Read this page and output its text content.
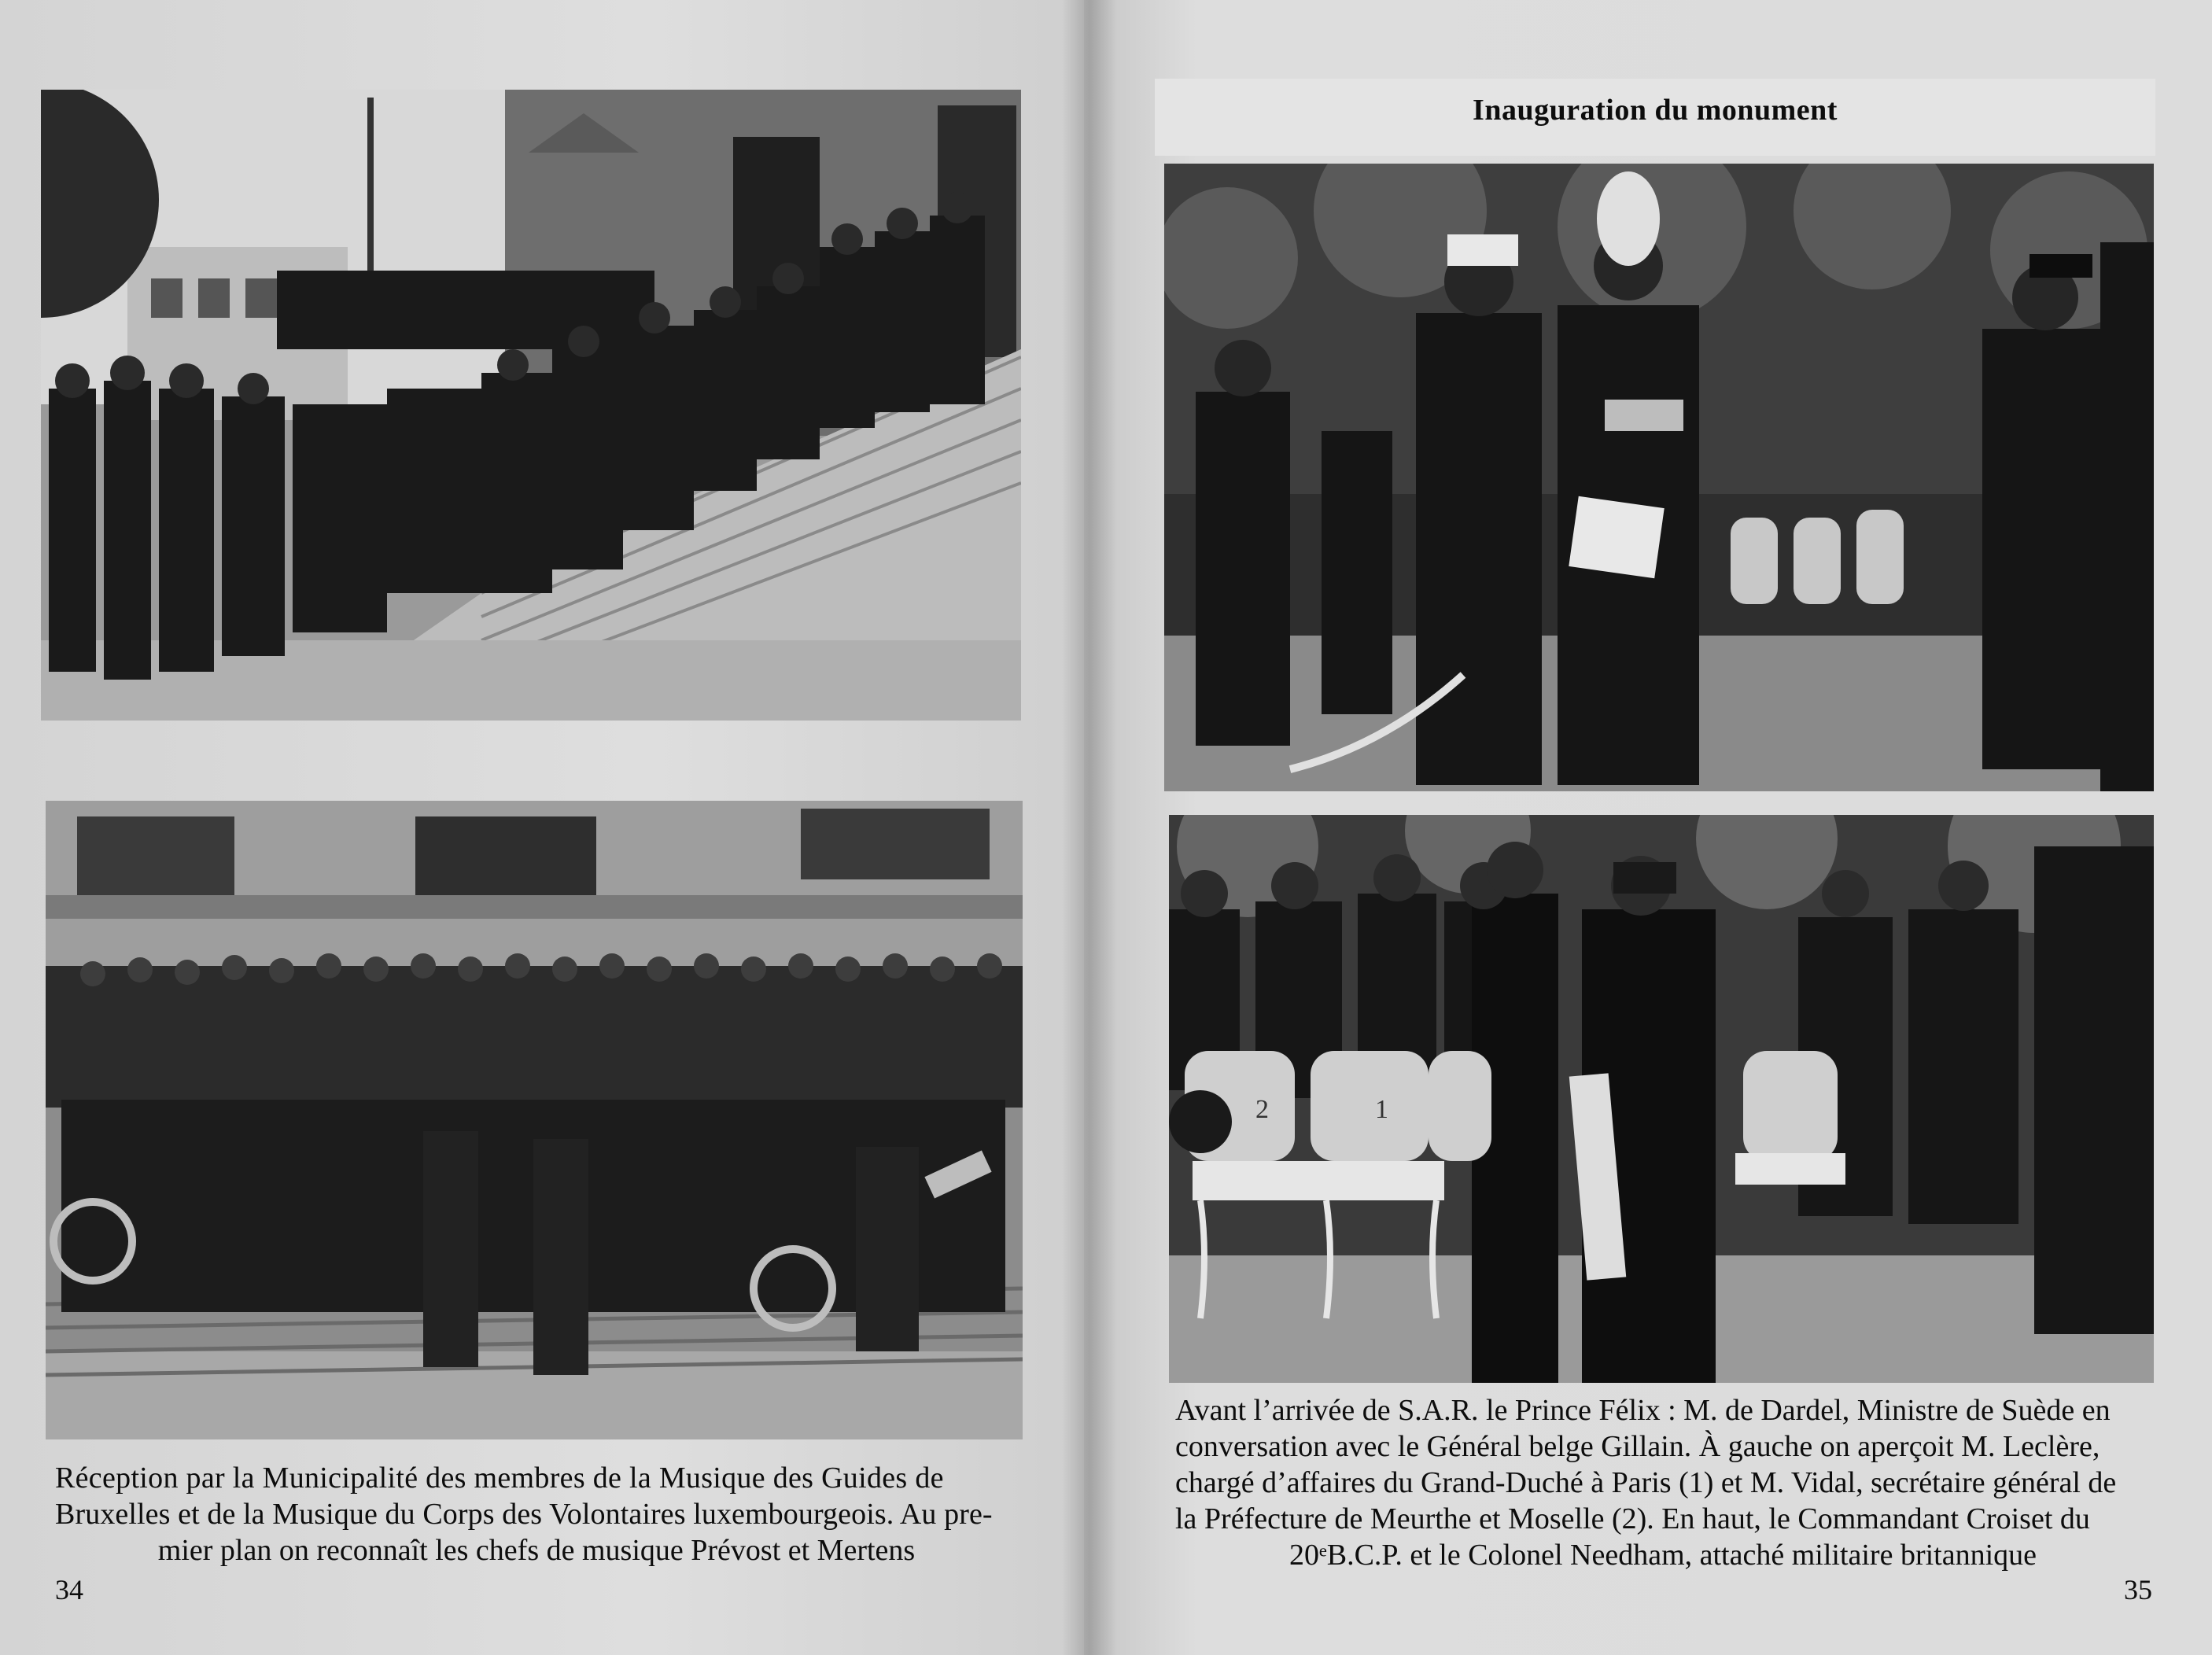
Réception par la Municipalité des membres de la Musique des Guides de
Bruxelles et de la Musique du Corps des Volontaires luxembourgeois. Au pre-
mier plan on reconnaît les chefs de musique Prévost et Mertens
34
Inauguration du monument
2	1
Avant l’arrivée de S.A.R. le Prince Félix : M. de Dardel, Ministre de Suède en
conversation avec le Général belge Gillain. À gauche on aperçoit M. Leclère,
chargé d’affaires du Grand-Duché à Paris (1) et M. Vidal, secrétaire général de
la Préfecture de Meurthe et Moselle (2). En haut, le Commandant Croiset du
20ᵉB.C.P. et le Colonel Needham, attaché militaire britannique
35
